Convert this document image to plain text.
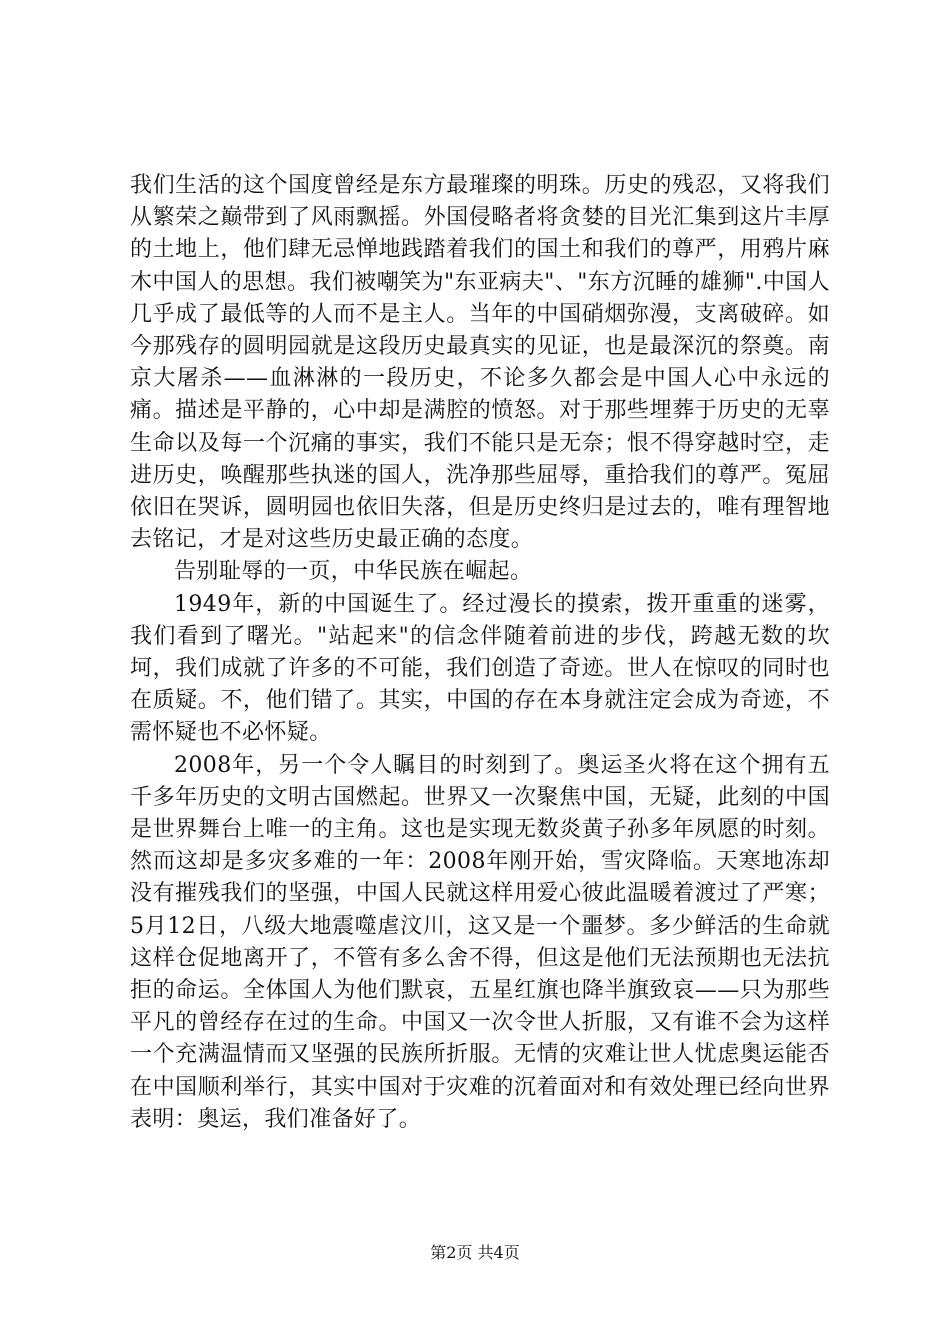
我们生活的这个国度曾经是东方最璀璨的明珠。历史的残忍，又将我们从繁荣之巅带到了风雨飘摇。外国侵略者将贪婪的目光汇集到这片丰厚的土地上，他们肆无忌惮地践踏着我们的国土和我们的尊严，用鸦片麻木中国人的思想。我们被嘲笑为"东亚病夫"、"东方沉睡的雄狮".中国人几乎成了最低等的人而不是主人。当年的中国硝烟弥漫，支离破碎。如今那残存的圆明园就是这段历史最真实的见证，也是最深沉的祭奠。南京大屠杀——血淋淋的一段历史，不论多久都会是中国人心中永远的痛。描述是平静的，心中却是满腔的愤怒。对于那些埋葬于历史的无辜生命以及每一个沉痛的事实，我们不能只是无奈；恨不得穿越时空，走进历史，唤醒那些执迷的国人，洗净那些屈辱，重拾我们的尊严。冤屈依旧在哭诉，圆明园也依旧失落，但是历史终归是过去的，唯有理智地去铭记，才是对这些历史最正确的态度。

告别耻辱的一页，中华民族在崛起。

1949年，新的中国诞生了。经过漫长的摸索，拨开重重的迷雾，我们看到了曙光。"站起来"的信念伴随着前进的步伐，跨越无数的坎坷，我们成就了许多的不可能，我们创造了奇迹。世人在惊叹的同时也在质疑。不，他们错了。其实，中国的存在本身就注定会成为奇迹，不需怀疑也不必怀疑。

2008年，另一个令人瞩目的时刻到了。奥运圣火将在这个拥有五千多年历史的文明古国燃起。世界又一次聚焦中国，无疑，此刻的中国是世界舞台上唯一的主角。这也是实现无数炎黄子孙多年夙愿的时刻。然而这却是多灾多难的一年：2008年刚开始，雪灾降临。天寒地冻却没有摧残我们的坚强，中国人民就这样用爱心彼此温暖着渡过了严寒；5月12日，八级大地震噬虐汶川，这又是一个噩梦。多少鲜活的生命就这样仓促地离开了，不管有多么舍不得，但这是他们无法预期也无法抗拒的命运。全体国人为他们默哀，五星红旗也降半旗致哀——只为那些平凡的曾经存在过的生命。中国又一次令世人折服，又有谁不会为这样一个充满温情而又坚强的民族所折服。无情的灾难让世人忧虑奥运能否在中国顺利举行，其实中国对于灾难的沉着面对和有效处理已经向世界表明：奥运，我们准备好了。

第2页 共4页
